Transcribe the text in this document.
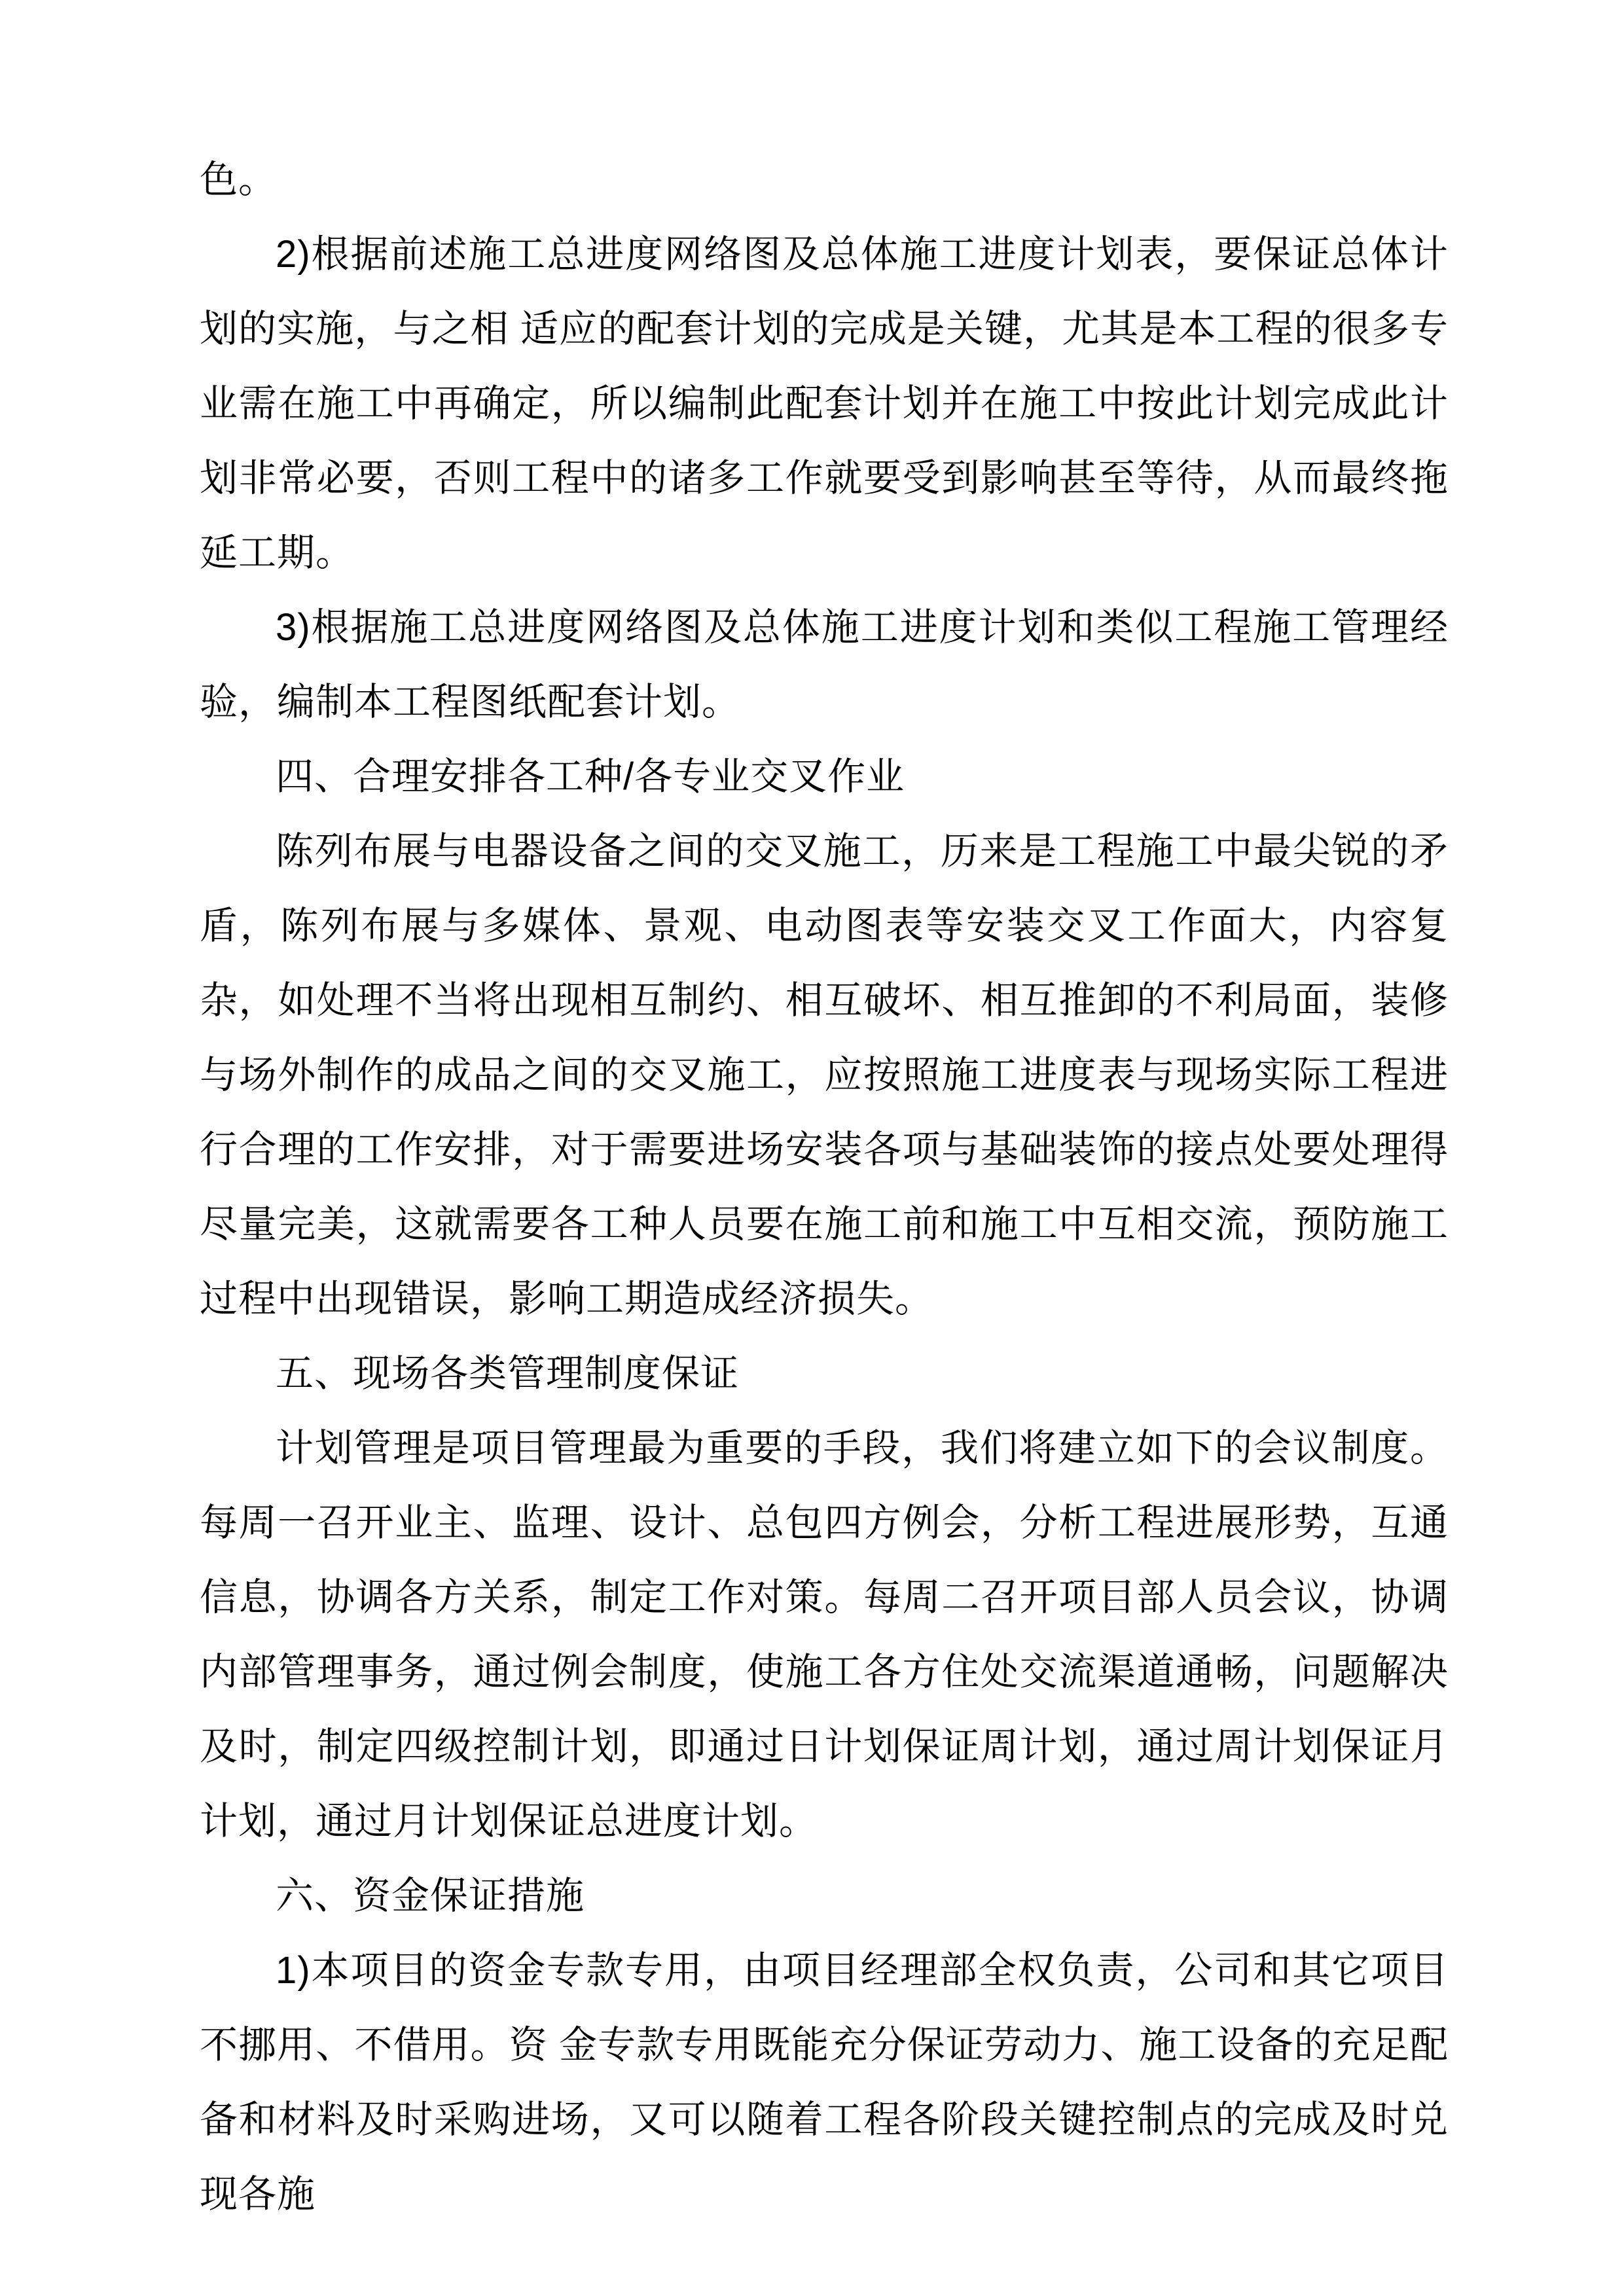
色。

2)根据前述施工总进度网络图及总体施工进度计划表，要保证总体计划的实施，与之相 适应的配套计划的完成是关键，尤其是本工程的很多专业需在施工中再确定，所以编制此配套计划并在施工中按此计划完成此计划非常必要，否则工程中的诸多工作就要受到影响甚至等待，从而最终拖延工期。

3)根据施工总进度网络图及总体施工进度计划和类似工程施工管理经验，编制本工程图纸配套计划。

四、合理安排各工种/各专业交叉作业

陈列布展与电器设备之间的交叉施工，历来是工程施工中最尖锐的矛盾，陈列布展与多媒体、景观、电动图表等安装交叉工作面大，内容复杂，如处理不当将出现相互制约、相互破坏、相互推卸的不利局面，装修与场外制作的成品之间的交叉施工，应按照施工进度表与现场实际工程进行合理的工作安排，对于需要进场安装各项与基础装饰的接点处要处理得尽量完美，这就需要各工种人员要在施工前和施工中互相交流，预防施工过程中出现错误，影响工期造成经济损失。

五、现场各类管理制度保证

计划管理是项目管理最为重要的手段，我们将建立如下的会议制度。每周一召开业主、监理、设计、总包四方例会，分析工程进展形势，互通信息，协调各方关系，制定工作对策。每周二召开项目部人员会议，协调内部管理事务，通过例会制度，使施工各方住处交流渠道通畅，问题解决及时，制定四级控制计划，即通过日计划保证周计划，通过周计划保证月计划，通过月计划保证总进度计划。

六、资金保证措施

1)本项目的资金专款专用，由项目经理部全权负责，公司和其它项目不挪用、不借用。资 金专款专用既能充分保证劳动力、施工设备的充足配备和材料及时采购进场，又可以随着工程各阶段关键控制点的完成及时兑现各施
